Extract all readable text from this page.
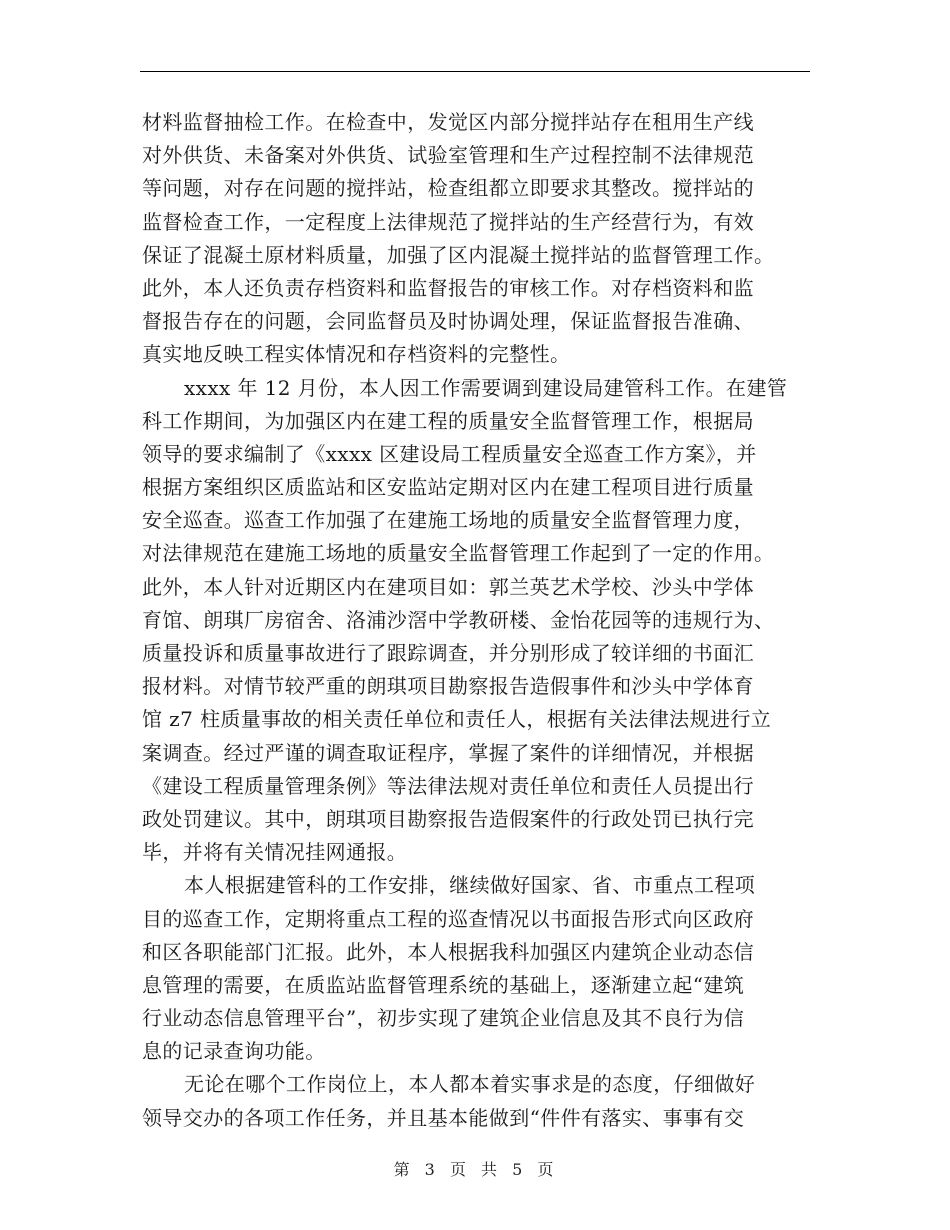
材料监督抽检工作。在检查中，发觉区内部分搅拌站存在租用生产线
对外供货、未备案对外供货、试验室管理和生产过程控制不法律规范
等问题，对存在问题的搅拌站，检查组都立即要求其整改。搅拌站的
监督检查工作，一定程度上法律规范了搅拌站的生产经营行为，有效
保证了混凝土原材料质量，加强了区内混凝土搅拌站的监督管理工作。
此外，本人还负责存档资料和监督报告的审核工作。对存档资料和监
督报告存在的问题，会同监督员及时协调处理，保证监督报告准确、
真实地反映工程实体情况和存档资料的完整性。
xxxx 年 12 月份，本人因工作需要调到建设局建管科工作。在建管
科工作期间，为加强区内在建工程的质量安全监督管理工作，根据局
领导的要求编制了《xxxx 区建设局工程质量安全巡查工作方案》，并
根据方案组织区质监站和区安监站定期对区内在建工程项目进行质量
安全巡查。巡查工作加强了在建施工场地的质量安全监督管理力度，
对法律规范在建施工场地的质量安全监督管理工作起到了一定的作用。
此外，本人针对近期区内在建项目如：郭兰英艺术学校、沙头中学体
育馆、朗琪厂房宿舍、洛浦沙滘中学教研楼、金怡花园等的违规行为、
质量投诉和质量事故进行了跟踪调查，并分别形成了较详细的书面汇
报材料。对情节较严重的朗琪项目勘察报告造假事件和沙头中学体育
馆 z7 柱质量事故的相关责任单位和责任人，根据有关法律法规进行立
案调查。经过严谨的调查取证程序，掌握了案件的详细情况，并根据
《建设工程质量管理条例》等法律法规对责任单位和责任人员提出行
政处罚建议。其中，朗琪项目勘察报告造假案件的行政处罚已执行完
毕，并将有关情况挂网通报。
本人根据建管科的工作安排，继续做好国家、省、市重点工程项
目的巡查工作，定期将重点工程的巡查情况以书面报告形式向区政府
和区各职能部门汇报。此外，本人根据我科加强区内建筑企业动态信
息管理的需要，在质监站监督管理系统的基础上，逐渐建立起“建筑
行业动态信息管理平台”，初步实现了建筑企业信息及其不良行为信
息的记录查询功能。
无论在哪个工作岗位上，本人都本着实事求是的态度，仔细做好
领导交办的各项工作任务，并且基本能做到“件件有落实、事事有交
第 3 页 共 5 页
